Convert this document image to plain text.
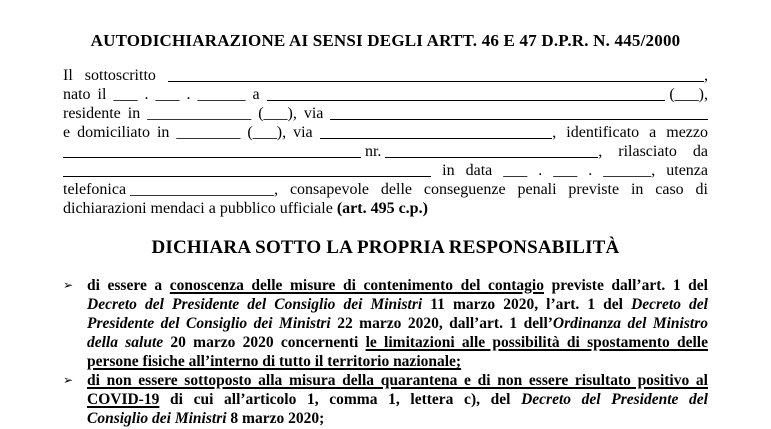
AUTODICHIARAZIONE AI SENSI DEGLI ARTT. 46 E 47 D.P.R. N. 445/2000
Il sottoscritto	,
nato il ___ . ___ . ______ a	(___),
residente in _____________ (___), via
e domiciliato in ________ (___), via	, identificato a mezzo
nr.	, rilasciato da
in data ___ . ___ . ______, utenza
telefonica __________________ , consapevole delle conseguenze penali previste in caso di
dichiarazioni mendaci a pubblico ufficiale (art. 495 c.p.)
DICHIARA SOTTO LA PROPRIA RESPONSABILITÀ
➢ di essere a conoscenza delle misure di contenimento del contagio previste dall’art. 1 del
Decreto del Presidente del Consiglio dei Ministri 11 marzo 2020, l’art. 1 del Decreto del
Presidente del Consiglio dei Ministri 22 marzo 2020, dall’art. 1 dell’Ordinanza del Ministro
della salute 20 marzo 2020 concernenti le limitazioni alle possibilità di spostamento delle
persone fisiche all’interno di tutto il territorio nazionale;
➢ di non essere sottoposto alla misura della quarantena e di non essere risultato positivo al
COVID-19 di cui all’articolo 1, comma 1, lettera c), del Decreto del Presidente del
Consiglio dei Ministri 8 marzo 2020;
